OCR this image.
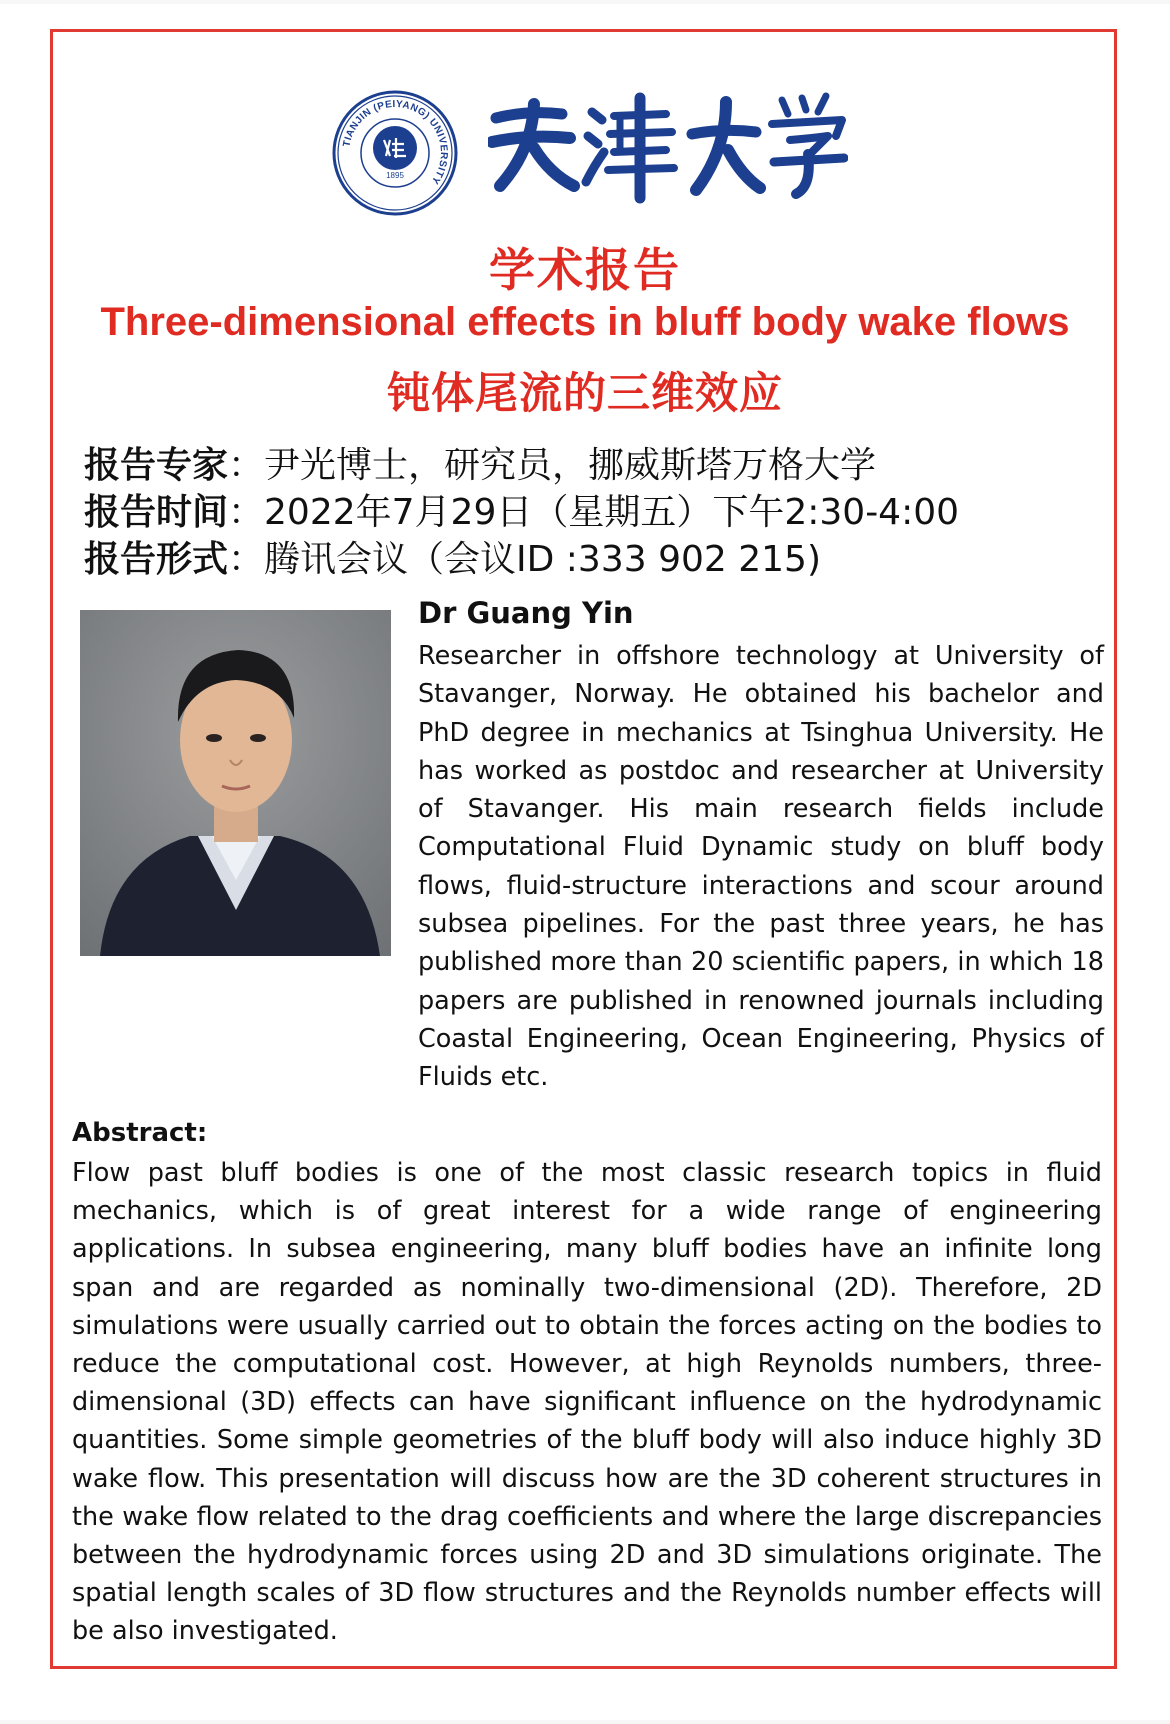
TIANJIN (PEIYANG) UNIVERSITY
1895
天津大学
学术报告
Three-dimensional effects in bluff body wake flows
钝体尾流的三维效应
报告专家：尹光博士，研究员，挪威斯塔万格大学
报告时间：2022年7月29日（星期五）下午2:30-4:00
报告形式：腾讯会议（会议ID :333 902 215)
Dr Guang Yin
Researcher in offshore technology at University of Stavanger, Norway. He obtained his bachelor and PhD degree in mechanics at Tsinghua University. He has worked as postdoc and researcher at University of Stavanger. His main research fields include Computational Fluid Dynamic study on bluff body flows, fluid-structure interactions and scour around subsea pipelines. For the past three years, he has published more than 20 scientific papers, in which 18 papers are published in renowned journals including Coastal Engineering, Ocean Engineering, Physics of Fluids etc.
Abstract:
Flow past bluff bodies is one of the most classic research topics in fluid mechanics, which is of great interest for a wide range of engineering applications. In subsea engineering, many bluff bodies have an infinite long span and are regarded as nominally two-dimensional (2D). Therefore, 2D simulations were usually carried out to obtain the forces acting on the bodies to reduce the computational cost. However, at high Reynolds numbers, three-dimensional (3D) effects can have significant influence on the hydrodynamic quantities. Some simple geometries of the bluff body will also induce highly 3D wake flow. This presentation will discuss how are the 3D coherent structures in the wake flow related to the drag coefficients and where the large discrepancies between the hydrodynamic forces using 2D and 3D simulations originate. The spatial length scales of 3D flow structures and the Reynolds number effects will be also investigated.
